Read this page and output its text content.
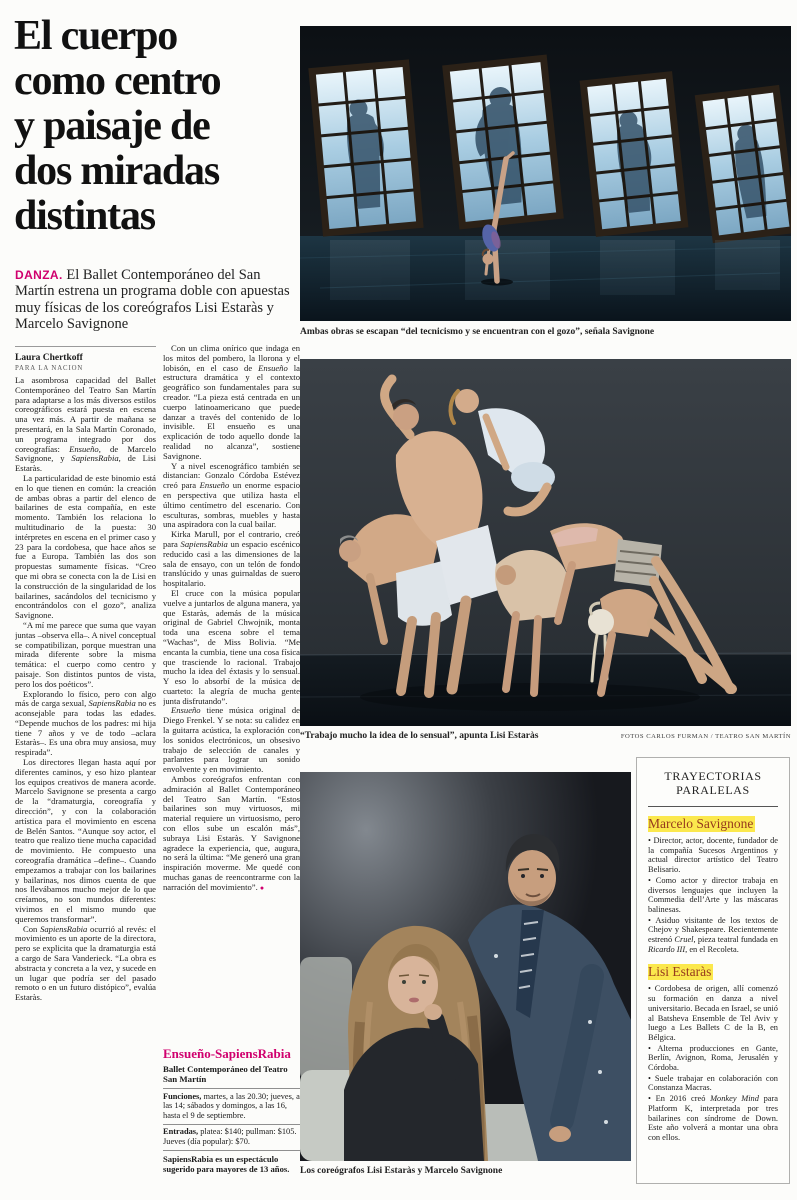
El cuerpo
como centro
y paisaje de
dos miradas
distintas

DANZA. El Ballet Contemporáneo del San Martín estrena un programa doble con apuestas muy físicas de los coreógrafos Lisi Estaràs y Marcelo Savignone	Ambas obras se escapan “del tecnicismo y se encuentran con el gozo”, señala Savignone
Laura Chertkoff
PARA LA NACION

La asombrosa capacidad del Ballet Contemporáneo del Teatro San Martín para adaptarse a los más diversos estilos coreográficos estará puesta en escena una vez más. A partir de mañana se presentará, en la Sala Martín Coronado, un programa integrado por dos coreografías: Ensueño, de Marcelo Savignone, y SapiensRabia, de Lisi Estaràs.

La particularidad de este binomio está en lo que tienen en común: la creación de ambas obras a partir del elenco de bailarines de esta compañía, en este momento. También los relaciona lo multitudinario de la puesta: 30 intérpretes en escena en el primer caso y 23 para la cordobesa, que hace años se fue a Europa. También las dos son propuestas sumamente físicas. “Creo que mi obra se conecta con la de Lisi en la construcción de la singularidad de los bailarines, sacándolos del tecnicismo y encontrándolos con el gozo”, analiza Savignone.

“A mí me parece que suma que vayan juntas –observa ella–. A nivel conceptual se compatibilizan, porque muestran una mirada diferente sobre la misma temática: el cuerpo como centro y paisaje. Son distintos puntos de vista, pero los dos poéticos”.

Explorando lo físico, pero con algo más de carga sexual, SapiensRabia no es aconsejable para todas las edades. “Depende muchos de los padres: mi hija tiene 7 años y ve de todo –aclara Estaràs–. Es una obra muy ansiosa, muy respirada”.

Los directores llegan hasta aquí por diferentes caminos, y eso hizo plantear los equipos creativos de manera acorde. Marcelo Savignone se presenta a cargo de la “dramaturgia, coreografía y dirección”, y con la colaboración artística para el movimiento en escena de Belén Santos. “Aunque soy actor, el teatro que realizo tiene mucha capacidad de movimiento. He compuesto una coreografía dramática –define–. Cuando empezamos a trabajar con los bailarines y bailarinas, nos dimos cuenta de que nos llevábamos mucho mejor de lo que creíamos, no son mundos diferentes: vivimos en el mismo mundo que queremos transformar”.

Con SapiensRabia ocurrió al revés: el movimiento es un aporte de la directora, pero se explicita que la dramaturgia está a cargo de Sara Vanderieck. “La obra es abstracta y concreta a la vez, y sucede en un lugar que podría ser del pasado remoto o en un futuro distópico”, evalúa Estaràs.

Con un clima onírico que indaga en los mitos del pombero, la llorona y el lobisón, en el caso de Ensueño la estructura dramática y el contexto geográfico son fundamentales para su creador. “La pieza está centrada en un cuerpo latinoamericano que puede danzar a través del contenido de lo invisible. El ensueño es una explicación de todo aquello donde la realidad no alcanza”, sostiene Savignone.

Y a nivel escenográfico también se distancian: Gonzalo Córdoba Estévez creó para Ensueño un enorme espacio en perspectiva que utiliza hasta el último centímetro del escenario. Con esculturas, sombras, muebles y hasta una aspiradora con la cual bailar.

Kirka Marull, por el contrario, creó para SapiensRabia un espacio escénico reducido casi a las dimensiones de la sala de ensayo, con un telón de fondo translúcido y unas guirnaldas de suero hospitalario.

El cruce con la música popular vuelve a juntarlos de alguna manera, ya que Estaràs, además de la música original de Gabriel Chwojnik, monta toda una escena sobre el tema “Wachas”, de Miss Bolivia. “Me encanta la cumbia, tiene una cosa física que trasciende lo racional. Trabajo mucho la idea del éxtasis y lo sensual. Y eso lo absorbí de la música de cuarteto: la alegría de mucha gente junta disfrutando”.

Ensueño tiene música original de Diego Frenkel. Y se nota: su calidez en la guitarra acústica, la exploración con los sonidos electrónicos, un obsesivo trabajo de selección de canales y parlantes para lograr un sonido envolvente y en movimiento.

Ambos coreógrafos enfrentan con admiración al Ballet Contemporáneo del Teatro San Martín. “Estos bailarines son muy virtuosos, mi material requiere un virtuosismo, pero con ellos sube un escalón más”, subraya Lisi Estaràs. Y Savignone agradece la experiencia, que, augura, no será la última: “Me generó una gran inspiración moverme. Me quedé con muchas ganas de reencontrarme con la narración del movimiento”. ●

“Trabajo mucho la idea de lo sensual”, apunta Lisi Estaràs	FOTOS CARLOS FURMAN / TEATRO SAN MARTÍN
Los coreógrafos Lisi Estaràs y Marcelo Savignone
Ensueño-SapiensRabia
Ballet Contemporáneo del Teatro San Martín
Funciones, martes, a las 20.30; jueves, a las 14; sábados y domingos, a las 16, hasta el 9 de septiembre.
Entradas, platea: $140; pullman: $105. Jueves (día popular): $70.
SapiensRabia es un espectáculo sugerido para mayores de 13 años.
TRAYECTORIAS
PARALELAS
Marcelo Savignone

• Director, actor, docente, fundador de la compañía Sucesos Argentinos y actual director artístico del Teatro Belisario.

• Como actor y director trabaja en diversos lenguajes que incluyen la Commedia dell’Arte y las máscaras balinesas.

• Asiduo visitante de los textos de Chejov y Shakespeare. Recientemente estrenó Cruel, pieza teatral fundada en Ricardo III, en el Recoleta.

Lisi Estaràs

• Cordobesa de origen, allí comenzó su formación en danza a nivel universitario. Becada en Israel, se unió al Batsheva Ensemble de Tel Aviv y luego a Les Ballets C de la B, en Bélgica.

• Alterna producciones en Gante, Berlín, Avignon, Roma, Jerusalén y Córdoba.

• Suele trabajar en colaboración con Constanza Macras.

• En 2016 creó Monkey Mind para Platform K, interpretada por tres bailarines con síndrome de Down. Este año volverá a montar una obra con ellos.
